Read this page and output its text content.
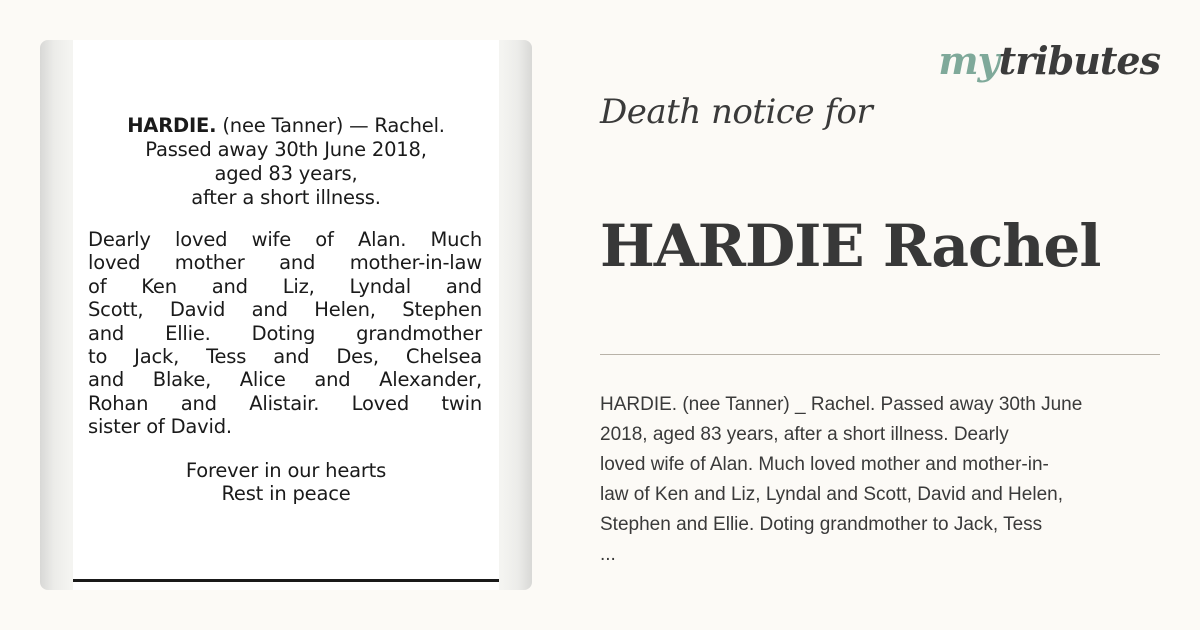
HARDIE. (nee Tanner) — Rachel.
Passed away 30th June 2018,
aged 83 years,
after a short illness.
Dearly loved wife of Alan. Much
loved mother and mother-in-law
of Ken and Liz, Lyndal and
Scott, David and Helen, Stephen
and Ellie. Doting grandmother
to Jack, Tess and Des, Chelsea
and Blake, Alice and Alexander,
Rohan and Alistair. Loved twin
sister of David.
Forever in our hearts
Rest in peace
mytributes
Death notice for
HARDIE Rachel
HARDIE. (nee Tanner) _ Rachel. Passed away 30th June
2018, aged 83 years, after a short illness. Dearly
loved wife of Alan. Much loved mother and mother-in-
law of Ken and Liz, Lyndal and Scott, David and Helen,
Stephen and Ellie. Doting grandmother to Jack, Tess
...
